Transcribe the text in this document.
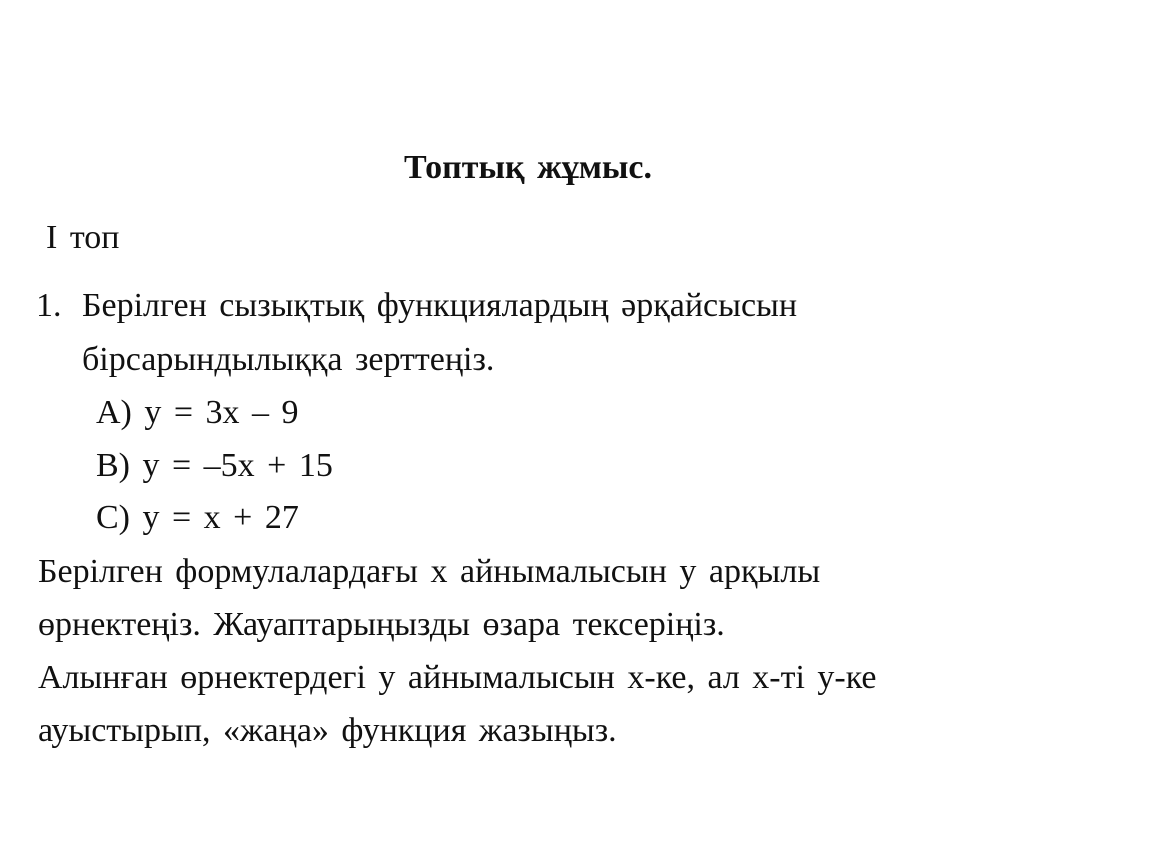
Топтық жұмыс.
І топ
1. Берілген сызықтық функциялардың әрқайсысын
бірсарындылыққа зерттеңіз.
А) у = 3х – 9
В) у = –5х + 15
С) у = х + 27
Берілген формулалардағы х айнымалысын у арқылы
өрнектеңіз. Жауаптарыңызды өзара тексеріңіз.
Алынған өрнектердегі у айнымалысын х-ке, ал х-ті у-ке
ауыстырып, «жаңа» функция жазыңыз.
